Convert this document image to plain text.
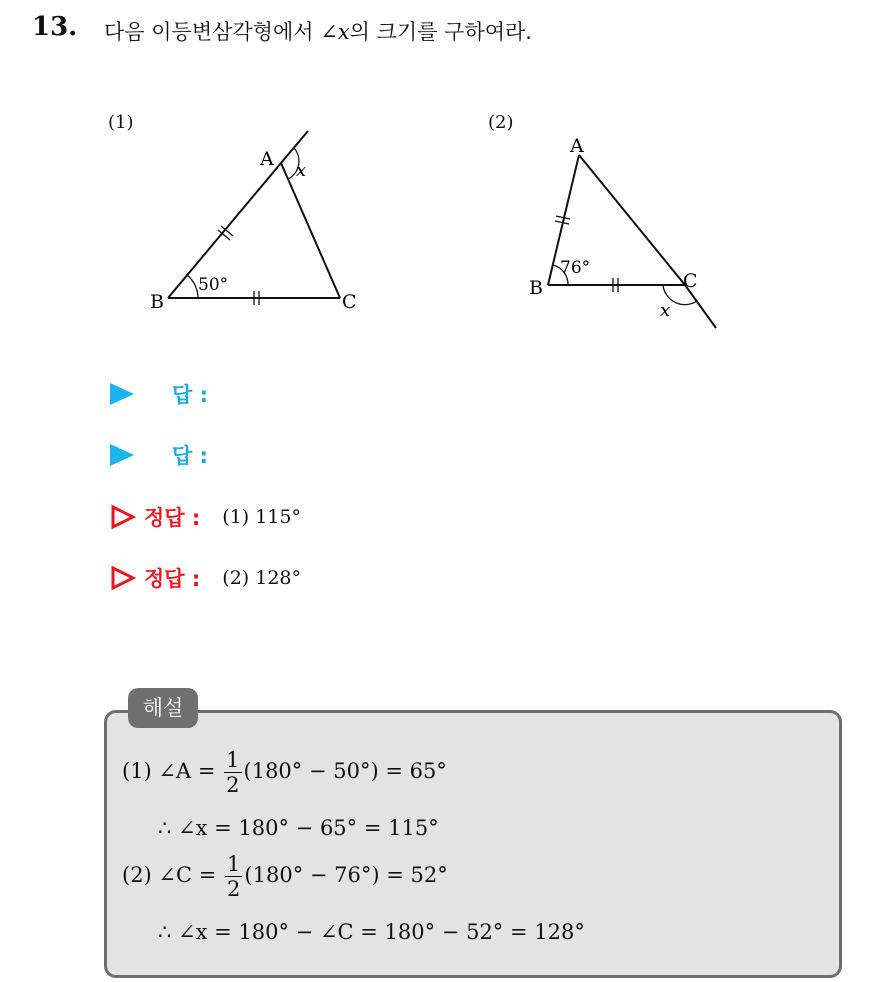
13. 다음 이등변삼각형에서 ∠x의 크기를 구하여라.
(1)
A
B	C
50°
x
(2)
A
B	C
76°
x
답 :
답 :
정답 : (1) 115°
정답 : (2) 128°
해설
(1) ∠A = $\frac{1}{2} (180^\circ - 50^\circ) = 65^\circ$
∴ ∠x = 180° − 65° = 115°
(2) ∠C = $\frac{1}{2} (180^\circ - 76^\circ) = 52^\circ$
∴ ∠x = 180° − ∠C = 180° − 52° = 128°
